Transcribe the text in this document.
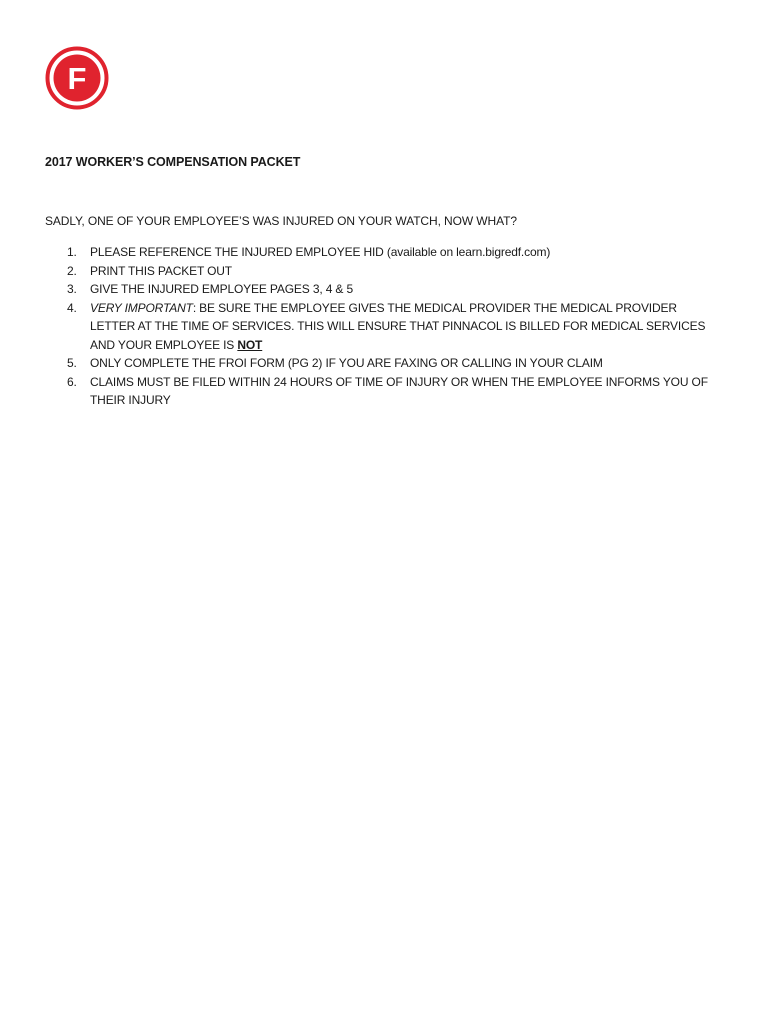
F
2017 WORKER’S COMPENSATION PACKET

SADLY, ONE OF YOUR EMPLOYEE’S WAS INJURED ON YOUR WATCH, NOW WHAT?

1.	PLEASE REFERENCE THE INJURED EMPLOYEE HID (available on learn.bigredf.com)
2.	PRINT THIS PACKET OUT
3.	GIVE THE INJURED EMPLOYEE PAGES 3, 4 & 5
4.	VERY IMPORTANT: BE SURE THE EMPLOYEE GIVES THE MEDICAL PROVIDER THE MEDICAL PROVIDER LETTER AT THE TIME OF SERVICES. THIS WILL ENSURE THAT PINNACOL IS BILLED FOR MEDICAL SERVICES AND YOUR EMPLOYEE IS NOT
5.	ONLY COMPLETE THE FROI FORM (PG 2) IF YOU ARE FAXING OR CALLING IN YOUR CLAIM
6.	CLAIMS MUST BE FILED WITHIN 24 HOURS OF TIME OF INJURY OR WHEN THE EMPLOYEE INFORMS YOU OF THEIR INJURY
